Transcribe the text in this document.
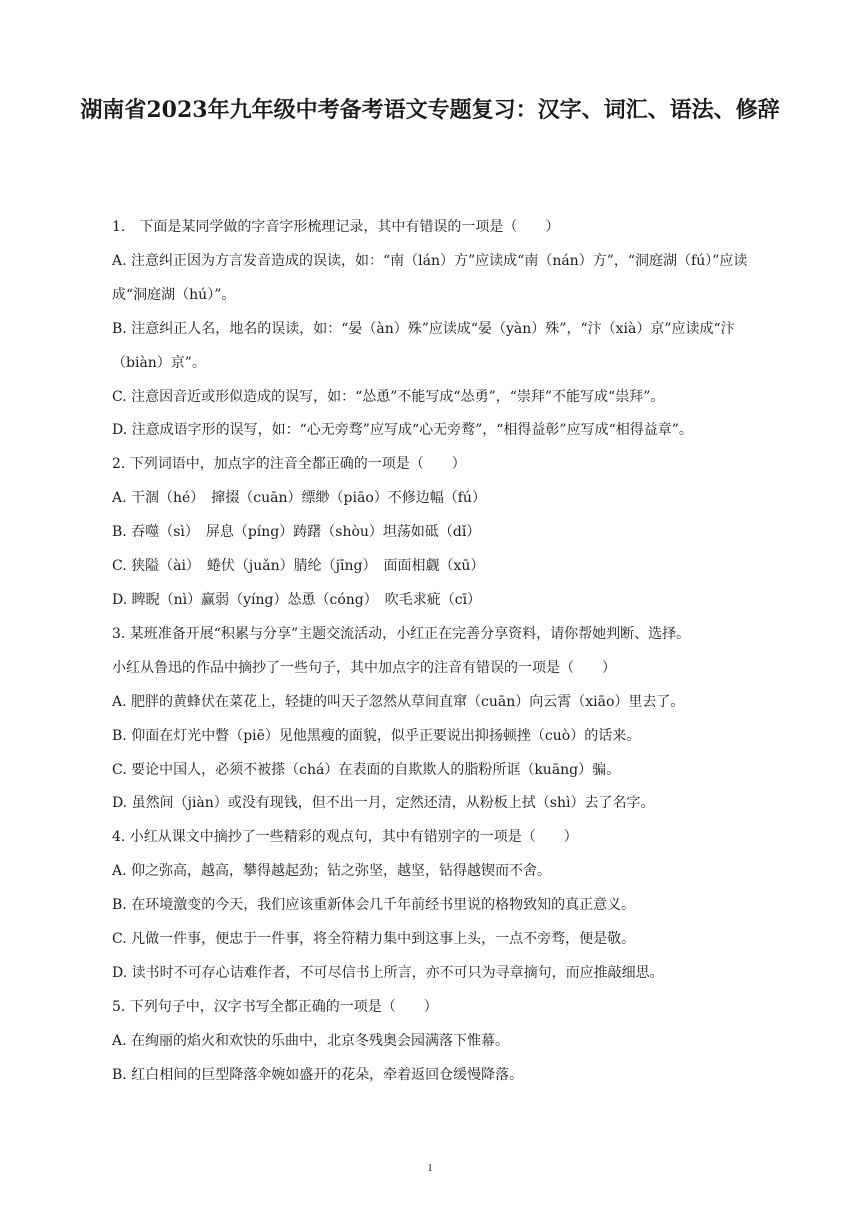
湖南省2023年九年级中考备考语文专题复习：汉字、词汇、语法、修辞
1.　下面是某同学做的字音字形梳理记录，其中有错误的一项是（　　）
A. 注意纠正因为方言发音造成的误读，如：“南（lán）方”应读成“南（nán）方”，“洞庭湖（fú）”应读成“洞庭湖（hú）”。
B. 注意纠正人名，地名的误读，如：“晏（àn）殊”应读成“晏（yàn）殊”，“汴（xià）京”应读成“汴（biàn）京”。
C. 注意因音近或形似造成的误写，如：“怂恿”不能写成“怂勇”，“崇拜”不能写成“祟拜”。
D. 注意成语字形的误写，如：“心无旁骛”应写成“心无旁鹜”，“相得益彰”应写成“相得益章”。
2. 下列词语中，加点字的注音全都正确的一项是（　　）
A. 干涸（hé）　撺掇（cuān）缥缈（piāo）不修边幅（fú）
B. 吞噬（sì）　屏息（píng）踌躇（shòu）坦荡如砥（dǐ）
C. 狭隘（ài）　蜷伏（juǎn）腈纶（jīng）　面面相觑（xū）
D. 睥睨（nì）赢弱（yíng）怂恿（cóng）　吹毛求疵（cī）
3. 某班准备开展“积累与分享”主题交流活动，小红正在完善分享资料，请你帮她判断、选择。
小红从鲁迅的作品中摘抄了一些句子，其中加点字的注音有错误的一项是（　　）
A. 肥胖的黄蜂伏在菜花上，轻捷的叫天子忽然从草间直窜（cuān）向云霄（xiāo）里去了。
B. 仰面在灯光中瞥（piē）见他黑瘦的面貌，似乎正要说出抑扬顿挫（cuò）的话来。
C. 要论中国人，必须不被搽（chá）在表面的自欺欺人的脂粉所诓（kuāng）骗。
D. 虽然间（jiàn）或没有现钱，但不出一月，定然还清，从粉板上拭（shì）去了名字。
4. 小红从课文中摘抄了一些精彩的观点句，其中有错别字的一项是（　　）
A. 仰之弥高，越高，攀得越起劲；钻之弥坚，越坚，钻得越锲而不舍。
B. 在环境激变的今天，我们应该重新体会几千年前经书里说的格物致知的真正意义。
C. 凡做一件事，便忠于一件事，将全符精力集中到这事上头，一点不旁骛，便是敬。
D. 读书时不可存心诘难作者，不可尽信书上所言，亦不可只为寻章摘句，而应推敲细思。
5. 下列句子中，汉字书写全都正确的一项是（　　）
A. 在绚丽的焰火和欢快的乐曲中，北京冬残奥会园满落下惟幕。
B. 红白相间的巨型降落伞婉如盛开的花朵，牵着返回仓缓慢降落。
1
